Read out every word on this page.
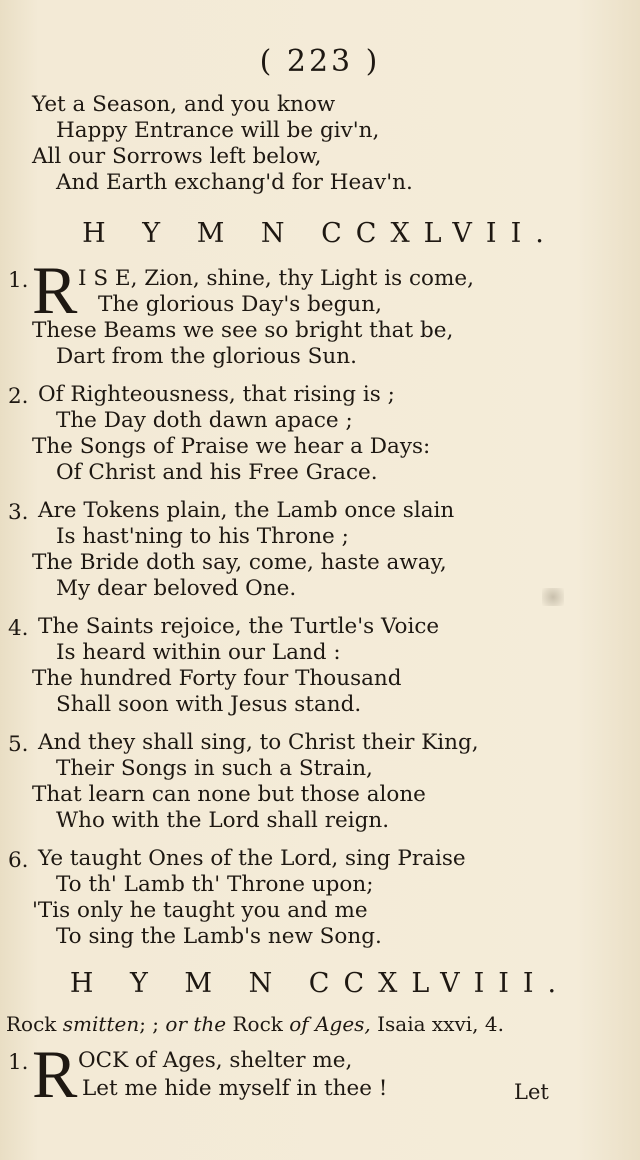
( 223 )
Yet a Season, and you know
Happy Entrance will be giv'n,
All our Sorrows left below,
And Earth exchang'd for Heav'n.
H Y M N CCXLVII.
1. R I S E, Zion, shine, thy Light is come,
The glorious Day's begun,
These Beams we see so bright that be,
Dart from the glorious Sun.
2. Of Righteousness, that rising is ;
The Day doth dawn apace ;
The Songs of Praise we hear a Days:
Of Christ and his Free Grace.
3. Are Tokens plain, the Lamb once slain
Is hast'ning to his Throne ;
The Bride doth say, come, haste away,
My dear beloved One.
4. The Saints rejoice, the Turtle's Voice
Is heard within our Land :
The hundred Forty four Thousand
Shall soon with Jesus stand.
5. And they shall sing, to Christ their King,
Their Songs in such a Strain,
That learn can none but those alone
Who with the Lord shall reign.
6. Ye taught Ones of the Lord, sing Praise
To th' Lamb th' Throne upon;
'Tis only he taught you and me
To sing the Lamb's new Song.
H Y M N CCXLVIII.
Rock smitten; ; or the Rock of Ages, Isaia xxvi, 4.
1. R OCK of Ages, shelter me,
Let me hide myself in thee !	Let
